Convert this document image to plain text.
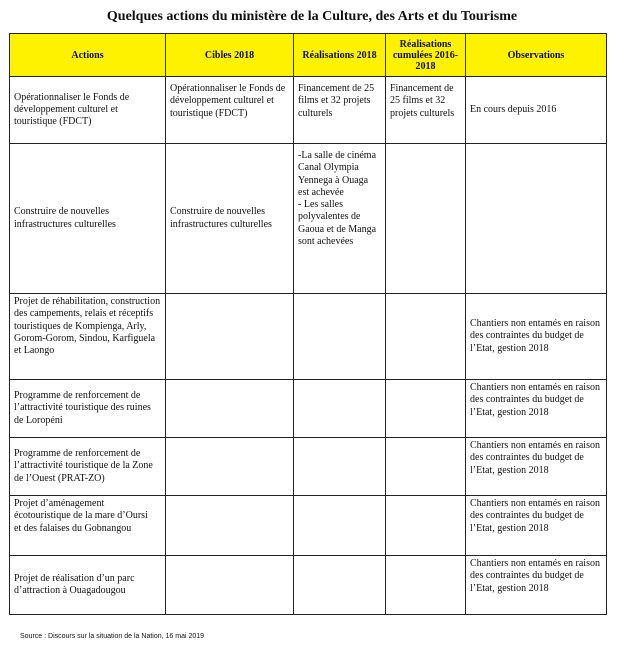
Quelques actions du ministère de la Culture, des Arts et du Tourisme
Actions	Cibles 2018	Réalisations 2018	Réalisations cumulées 2016-2018	Observations
Opérationnaliser le Fonds de développement culturel et touristique (FDCT)	Opérationnaliser le Fonds de développement culturel et touristique (FDCT)	Financement de 25 films et 32 projets culturels	Financement de 25 films et 32 projets culturels	En cours depuis 2016
Construire de nouvelles infrastructures culturelles	Construire de nouvelles infrastructures culturelles	-La salle de cinéma Canal Olympia Yennega à Ouaga est achevée
- Les salles polyvalentes de Gaoua et de Manga sont achevées		
Projet de réhabilitation, construction des campements, relais et réceptifs touristiques de Kompienga, Arly, Gorom-Gorom, Sindou, Karfiguela et Laongo				Chantiers non entamés en raison des contraintes du budget de l’Etat, gestion 2018
Programme de renforcement de l’attractivité touristique des ruines de Loropéni				Chantiers non entamés en raison des contraintes du budget de l’Etat, gestion 2018
Programme de renforcement de l’attractivité touristique de la Zone de l’Ouest (PRAT-ZO)				Chantiers non entamés en raison des contraintes du budget de l’Etat, gestion 2018
Projet d’aménagement écotouristique de la mare d’Oursi
et des falaises du Gobnangou				Chantiers non entamés en raison des contraintes du budget de l’Etat, gestion 2018
Projet de réalisation d’un parc d’attraction à Ouagadougou				Chantiers non entamés en raison des contraintes du budget de l’Etat, gestion 2018
Source : Discours sur la situation de la Nation, 16 mai 2019
